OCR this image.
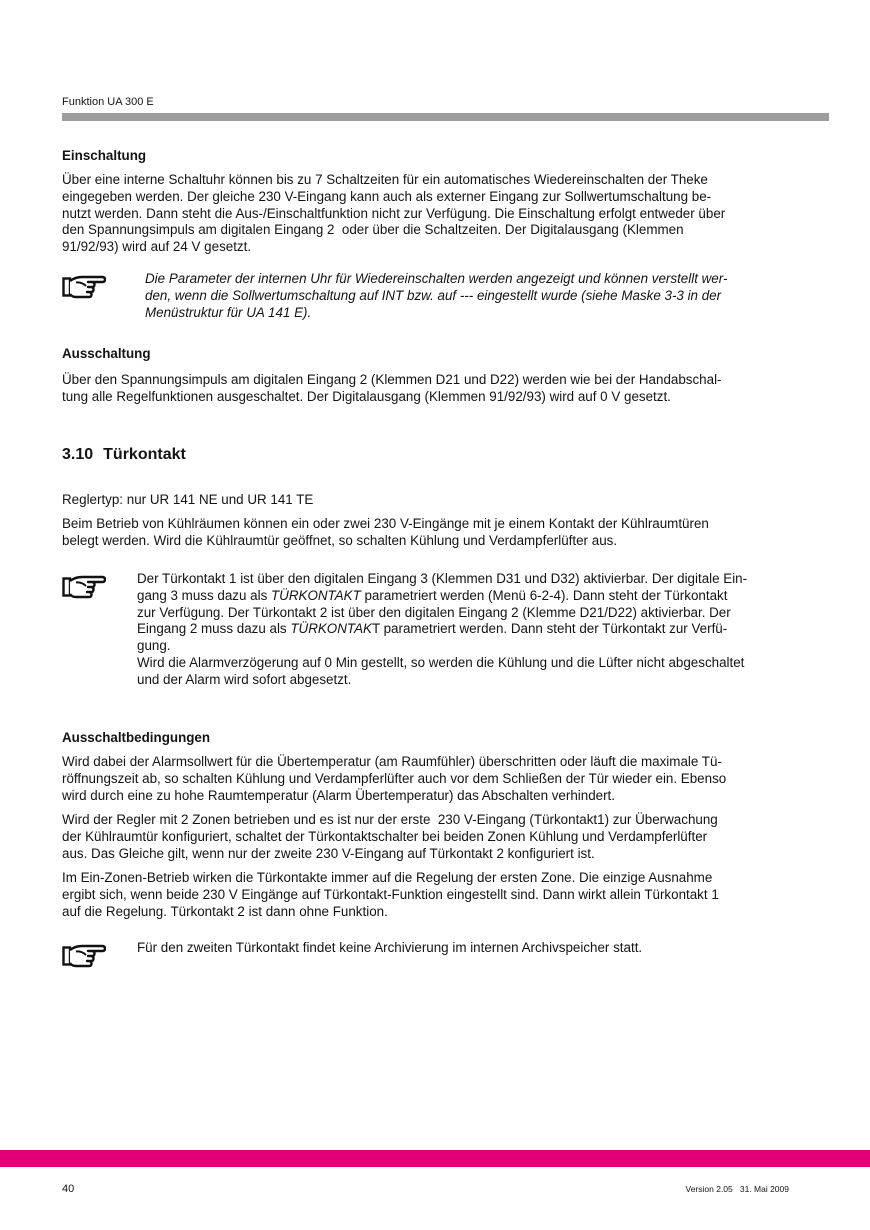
Funktion UA 300 E
Einschaltung
Über eine interne Schaltuhr können bis zu 7 Schaltzeiten für ein automatisches Wiedereinschalten der Theke
eingegeben werden. Der gleiche 230 V-Eingang kann auch als externer Eingang zur Sollwertumschaltung be-
nutzt werden. Dann steht die Aus-/Einschaltfunktion nicht zur Verfügung. Die Einschaltung erfolgt entweder über
den Spannungsimpuls am digitalen Eingang 2  oder über die Schaltzeiten. Der Digitalausgang (Klemmen
91/92/93) wird auf 24 V gesetzt.
Die Parameter der internen Uhr für Wiedereinschalten werden angezeigt und können verstellt wer-
den, wenn die Sollwertumschaltung auf INT bzw. auf --- eingestellt wurde (siehe Maske 3-3 in der
Menüstruktur für UA 141 E).
Ausschaltung
Über den Spannungsimpuls am digitalen Eingang 2 (Klemmen D21 und D22) werden wie bei der Handabschal-
tung alle Regelfunktionen ausgeschaltet. Der Digitalausgang (Klemmen 91/92/93) wird auf 0 V gesetzt.
3.10 Türkontakt
Reglertyp: nur UR 141 NE und UR 141 TE
Beim Betrieb von Kühlräumen können ein oder zwei 230 V-Eingänge mit je einem Kontakt der Kühlraumtüren
belegt werden. Wird die Kühlraumtür geöffnet, so schalten Kühlung und Verdampferlüfter aus.
Der Türkontakt 1 ist über den digitalen Eingang 3 (Klemmen D31 und D32) aktivierbar. Der digitale Ein-
gang 3 muss dazu als TÜRKONTAKT parametriert werden (Menü 6-2-4). Dann steht der Türkontakt
zur Verfügung. Der Türkontakt 2 ist über den digitalen Eingang 2 (Klemme D21/D22) aktivierbar. Der
Eingang 2 muss dazu als TÜRKONTAKT parametriert werden. Dann steht der Türkontakt zur Verfü-
gung.
Wird die Alarmverzögerung auf 0 Min gestellt, so werden die Kühlung und die Lüfter nicht abgeschaltet
und der Alarm wird sofort abgesetzt.
Ausschaltbedingungen
Wird dabei der Alarmsollwert für die Übertemperatur (am Raumfühler) überschritten oder läuft die maximale Tü-
röffnungszeit ab, so schalten Kühlung und Verdampferlüfter auch vor dem Schließen der Tür wieder ein. Ebenso
wird durch eine zu hohe Raumtemperatur (Alarm Übertemperatur) das Abschalten verhindert.
Wird der Regler mit 2 Zonen betrieben und es ist nur der erste  230 V-Eingang (Türkontakt1) zur Überwachung
der Kühlraumtür konfiguriert, schaltet der Türkontaktschalter bei beiden Zonen Kühlung und Verdampferlüfter
aus. Das Gleiche gilt, wenn nur der zweite 230 V-Eingang auf Türkontakt 2 konfiguriert ist.
Im Ein-Zonen-Betrieb wirken die Türkontakte immer auf die Regelung der ersten Zone. Die einzige Ausnahme
ergibt sich, wenn beide 230 V Eingänge auf Türkontakt-Funktion eingestellt sind. Dann wirkt allein Türkontakt 1
auf die Regelung. Türkontakt 2 ist dann ohne Funktion.
Für den zweiten Türkontakt findet keine Archivierung im internen Archivspeicher statt.
40	Version 2.05   31. Mai 2009
